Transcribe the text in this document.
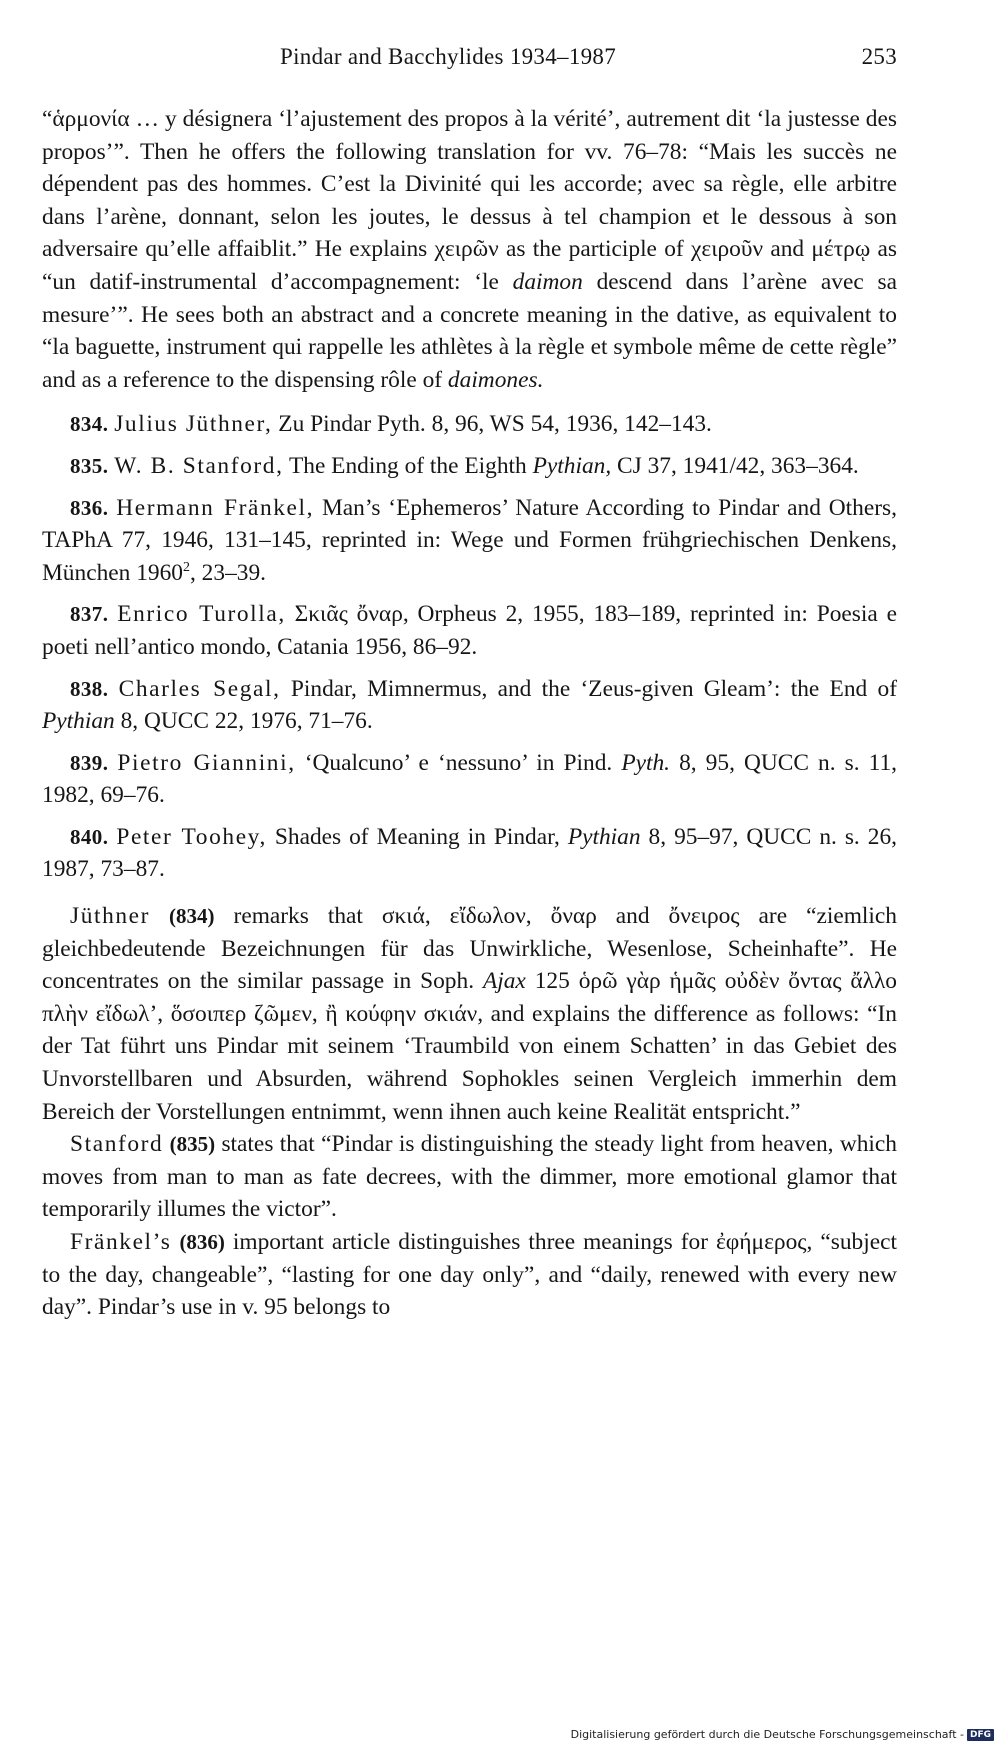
Pindar and Bacchylides 1934–1987	253

“ἁρμονία … y désignera ‘l’ajustement des propos à la vérité’, autrement dit ‘la justesse des propos’”. Then he offers the following translation for vv. 76–78: “Mais les succès ne dépendent pas des hommes. C’est la Divinité qui les accorde; avec sa règle, elle arbitre dans l’arène, donnant, selon les joutes, le dessus à tel champion et le dessous à son adversaire qu’elle affaiblit.” He explains χειρῶν as the participle of χειροῦν and μέτρῳ as “un datif-instrumental d’accompagnement: ‘le daimon descend dans l’arène avec sa mesure’”. He sees both an abstract and a concrete meaning in the dative, as equivalent to “la baguette, instrument qui rappelle les athlètes à la règle et symbole même de cette règle” and as a reference to the dispensing rôle of daimones.

834. Julius Jüthner, Zu Pindar Pyth. 8, 96, WS 54, 1936, 142–143.

835. W. B. Stanford, The Ending of the Eighth Pythian, CJ 37, 1941/42, 363–364.

836. Hermann Fränkel, Man’s ‘Ephemeros’ Nature According to Pindar and Others, TAPhA 77, 1946, 131–145, reprinted in: Wege und Formen frühgriechischen Denkens, München 1960$^2$, 23–39.

837. Enrico Turolla, Σκιᾶς ὄναρ, Orpheus 2, 1955, 183–189, reprinted in: Poesia e poeti nell’antico mondo, Catania 1956, 86–92.

838. Charles Segal, Pindar, Mimnermus, and the ‘Zeus-given Gleam’: the End of Pythian 8, QUCC 22, 1976, 71–76.

839. Pietro Giannini, ‘Qualcuno’ e ‘nessuno’ in Pind. Pyth. 8, 95, QUCC n. s. 11, 1982, 69–76.

840. Peter Toohey, Shades of Meaning in Pindar, Pythian 8, 95–97, QUCC n. s. 26, 1987, 73–87.

Jüthner (834) remarks that σκιά, εἴδωλον, ὄναρ and ὄνειρος are “ziemlich gleichbedeutende Bezeichnungen für das Unwirkliche, Wesenlose, Scheinhafte”. He concentrates on the similar passage in Soph. Ajax 125 ὁρῶ γὰρ ἡμᾶς οὐδὲν ὄντας ἄλλο πλὴν εἴδωλ’, ὅσοιπερ ζῶμεν, ἢ κούφην σκιάν, and explains the difference as follows: “In der Tat führt uns Pindar mit seinem ‘Traumbild von einem Schatten’ in das Gebiet des Unvorstellbaren und Absurden, während Sophokles seinen Vergleich immerhin dem Bereich der Vorstellungen entnimmt, wenn ihnen auch keine Realität entspricht.”

Stanford (835) states that “Pindar is distinguishing the steady light from heaven, which moves from man to man as fate decrees, with the dimmer, more emotional glamor that temporarily illumes the victor”.

Fränkel’s (836) important article distinguishes three meanings for ἐφήμερος, “subject to the day, changeable”, “lasting for one day only”, and “daily, renewed with every new day”. Pindar’s use in v. 95 belongs to

Digitalisierung gefördert durch die Deutsche Forschungsgemeinschaft - DFG
